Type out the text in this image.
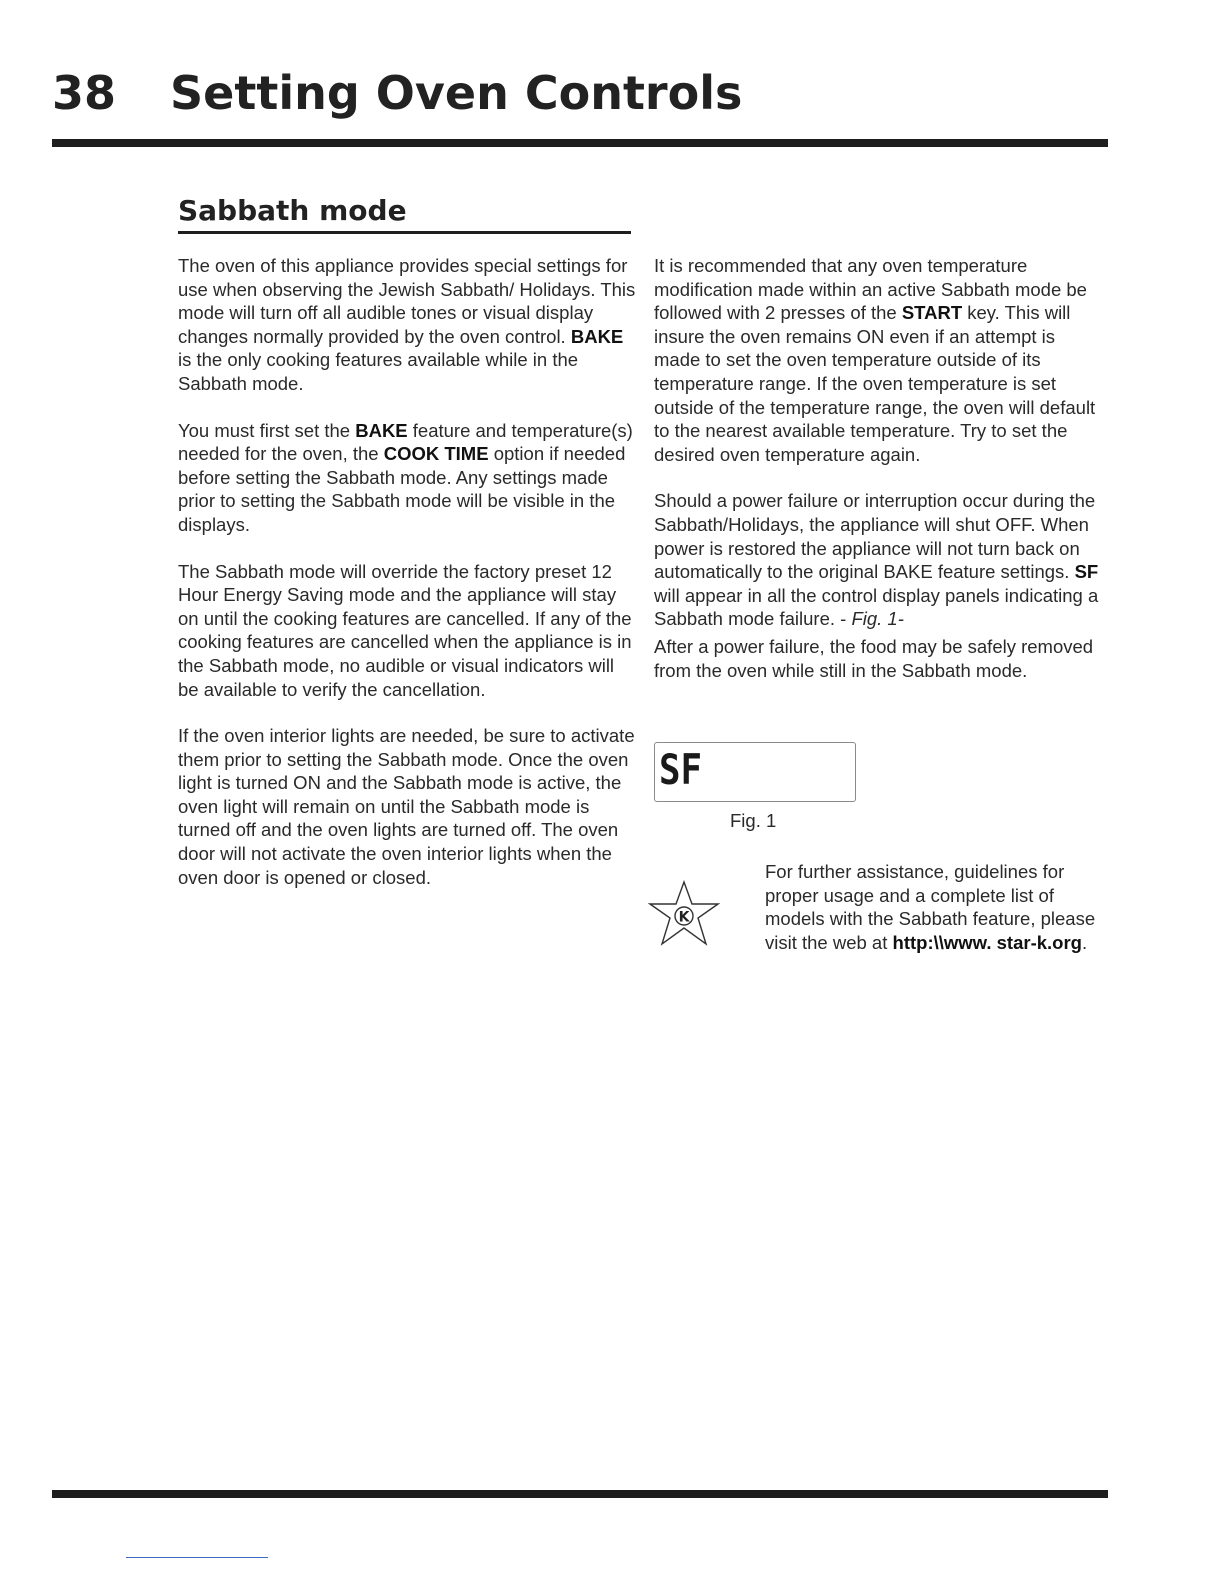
38 Setting Oven Controls
Sabbath mode

The oven of this appliance provides special settings for use when observing the Jewish Sabbath/ Holidays. This mode will turn off all audible tones or visual display changes normally provided by the oven control. BAKE is the only cooking features available while in the Sabbath mode.

You must first set the BAKE feature and temperature(s) needed for the oven, the COOK TIME option if needed before setting the Sabbath mode. Any settings made prior to setting the Sabbath mode will be visible in the displays.

The Sabbath mode will override the factory preset 12 Hour Energy Saving mode and the appliance will stay on until the cooking features are cancelled. If any of the cooking features are cancelled when the appliance is in the Sabbath mode, no audible or visual indicators will be available to verify the cancellation.

If the oven interior lights are needed, be sure to activate them prior to setting the Sabbath mode. Once the oven light is turned ON and the Sabbath mode is active, the oven light will remain on until the Sabbath mode is turned off and the oven lights are turned off. The oven door will not activate the oven interior lights when the oven door is opened or closed.

It is recommended that any oven temperature modification made within an active Sabbath mode be followed with 2 presses of the START key. This will insure the oven remains ON even if an attempt is made to set the oven temperature outside of its temperature range. If the oven temperature is set outside of the temperature range, the oven will default to the nearest available temperature. Try to set the desired oven temperature again.

Should a power failure or interruption occur during the Sabbath/Holidays, the appliance will shut OFF. When power is restored the appliance will not turn back on automatically to the original BAKE feature settings. SF will appear in all the control display panels indicating a Sabbath mode failure. - Fig. 1-

After a power failure, the food may be safely removed from the oven while still in the Sabbath mode.

SF
Fig. 1
K

For further assistance, guidelines for proper usage and a complete list of models with the Sabbath feature, please visit the web at http:\\www. star-k.org.
